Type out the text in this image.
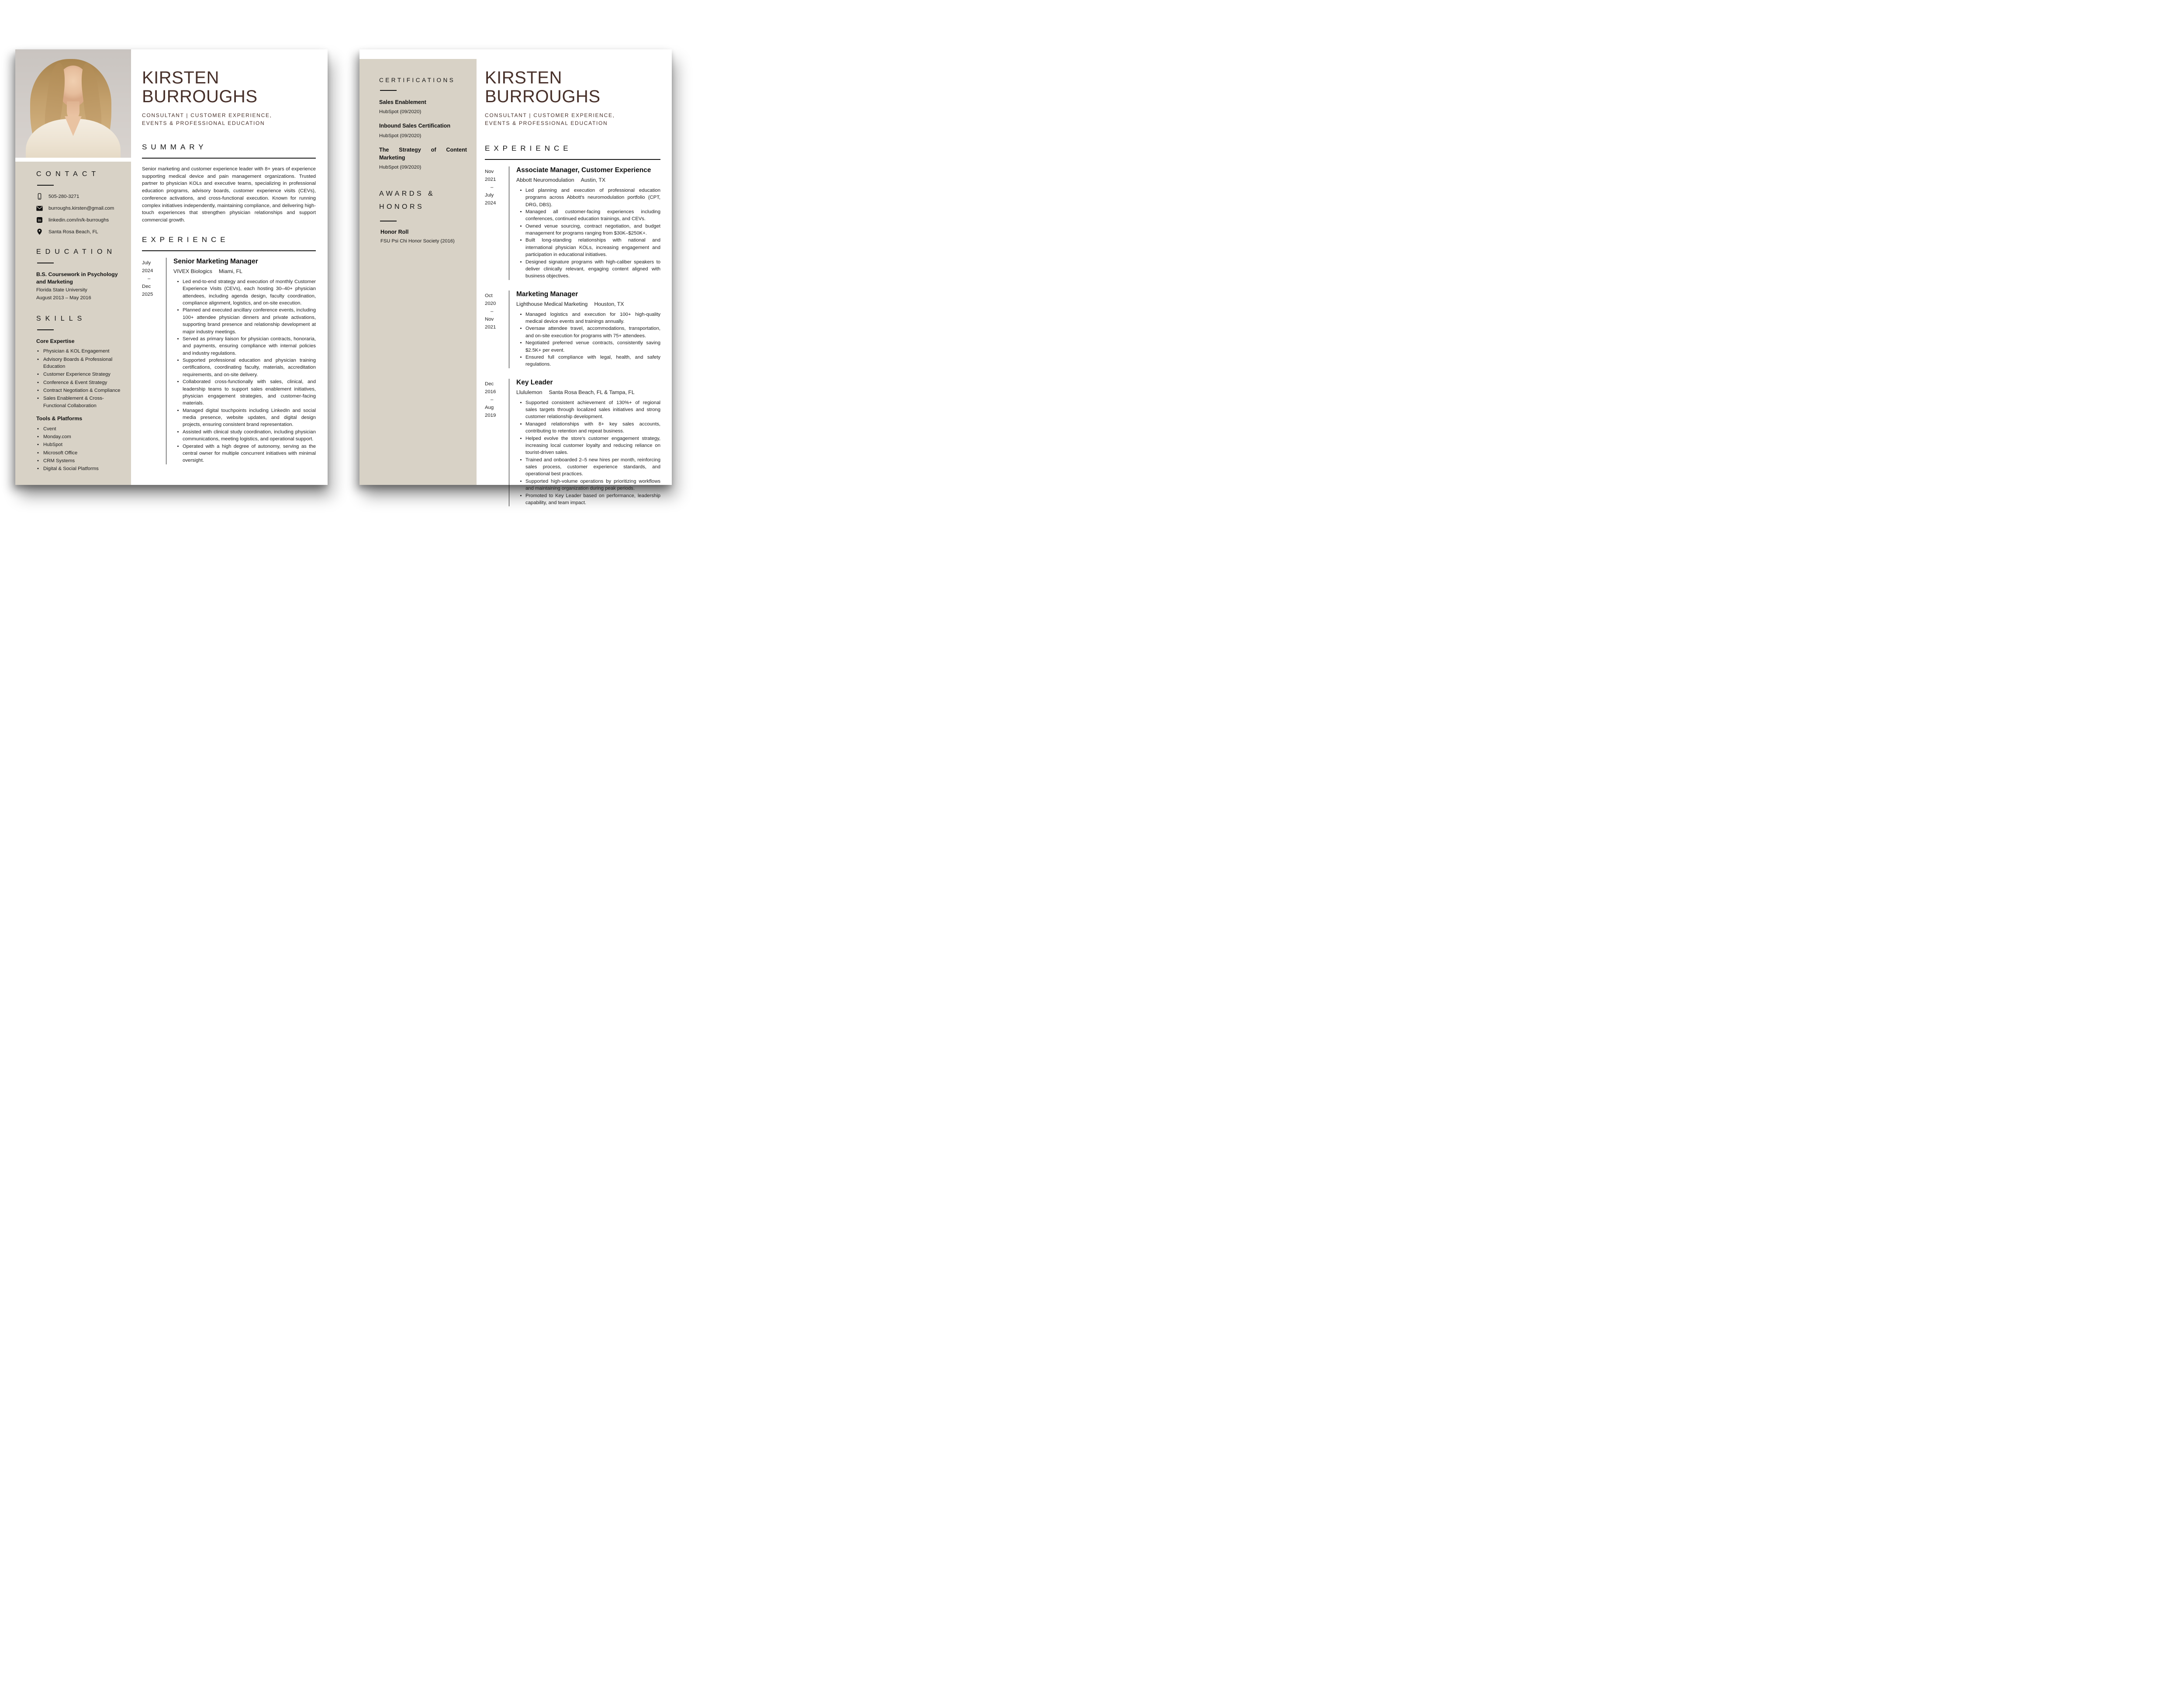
CONTACT
505-280-3271
burroughs.kirsten@gmail.com
in
linkedin.com/in/k-burroughs
Santa Rosa Beach, FL
EDUCATION
B.S. Coursework in Psychology and Marketing
Florida State University
August 2013 – May 2016
SKILLS
Core Expertise
• Physician & KOL Engagement
• Advisory Boards & Professional Education
• Customer Experience Strategy
• Conference & Event Strategy
• Contract Negotiation & Compliance
• Sales Enablement & Cross-Functional Collaboration
Tools & Platforms
• Cvent
• Monday.com
• HubSpot
• Microsoft Office
• CRM Systems
• Digital & Social Platforms
KIRSTEN
BURROUGHS
CONSULTANT | CUSTOMER EXPERIENCE,
EVENTS & PROFESSIONAL EDUCATION
SUMMARY
Senior marketing and customer experience leader with 8+ years of experience supporting medical device and pain management organizations. Trusted partner to physician KOLs and executive teams, specializing in professional education programs, advisory boards, customer experience visits (CEVs), conference activations, and cross-functional execution. Known for running complex initiatives independently, maintaining compliance, and delivering high-touch experiences that strengthen physician relationships and support commercial growth.
EXPERIENCE
July
2024
–
Dec
2025
Senior Marketing Manager
VIVEX Biologics Miami, FL
• Led end-to-end strategy and execution of monthly Customer Experience Visits (CEVs), each hosting 30–40+ physician attendees, including agenda design, faculty coordination, compliance alignment, logistics, and on-site execution.
• Planned and executed ancillary conference events, including 100+ attendee physician dinners and private activations, supporting brand presence and relationship development at major industry meetings.
• Served as primary liaison for physician contracts, honoraria, and payments, ensuring compliance with internal policies and industry regulations.
• Supported professional education and physician training certifications, coordinating faculty, materials, accreditation requirements, and on-site delivery.
• Collaborated cross-functionally with sales, clinical, and leadership teams to support sales enablement initiatives, physician engagement strategies, and customer-facing materials.
• Managed digital touchpoints including LinkedIn and social media presence, website updates, and digital design projects, ensuring consistent brand representation.
• Assisted with clinical study coordination, including physician communications, meeting logistics, and operational support.
• Operated with a high degree of autonomy, serving as the central owner for multiple concurrent initiatives with minimal oversight.
CERTIFICATIONS
Sales Enablement
HubSpot (09/2020)
Inbound Sales Certification
HubSpot (09/2020)
The Strategy of Content Marketing
HubSpot (09/2020)
AWARDS &
HONORS
Honor Roll
FSU Psi Chi Honor Society (2016)
KIRSTEN
BURROUGHS
CONSULTANT | CUSTOMER EXPERIENCE,
EVENTS & PROFESSIONAL EDUCATION
EXPERIENCE
Nov
2021
–
July
2024
Associate Manager, Customer Experience
Abbott Neuromodulation Austin, TX
• Led planning and execution of professional education programs across Abbott's neuromodulation portfolio (CPT, DRG, DBS).
• Managed all customer-facing experiences including conferences, continued education trainings, and CEVs.
• Owned venue sourcing, contract negotiation, and budget management for programs ranging from $30K–$250K+.
• Built long-standing relationships with national and international physician KOLs, increasing engagement and participation in educational initiatives.
• Designed signature programs with high-caliber speakers to deliver clinically relevant, engaging content aligned with business objectives.
Oct
2020
–
Nov
2021
Marketing Manager
Lighthouse Medical Marketing Houston, TX
• Managed logistics and execution for 100+ high-quality medical device events and trainings annually.
• Oversaw attendee travel, accommodations, transportation, and on-site execution for programs with 75+ attendees.
• Negotiated preferred venue contracts, consistently saving $2.5K+ per event.
• Ensured full compliance with legal, health, and safety regulations.
Dec
2016
–
Aug
2019
Key Leader
Llululemon Santa Rosa Beach, FL & Tampa, FL
• Supported consistent achievement of 130%+ of regional sales targets through localized sales initiatives and strong customer relationship development.
• Managed relationships with 8+ key sales accounts, contributing to retention and repeat business.
• Helped evolve the store's customer engagement strategy, increasing local customer loyalty and reducing reliance on tourist-driven sales.
• Trained and onboarded 2–5 new hires per month, reinforcing sales process, customer experience standards, and operational best practices.
• Supported high-volume operations by prioritizing workflows and maintaining organization during peak periods.
• Promoted to Key Leader based on performance, leadership capability, and team impact.
